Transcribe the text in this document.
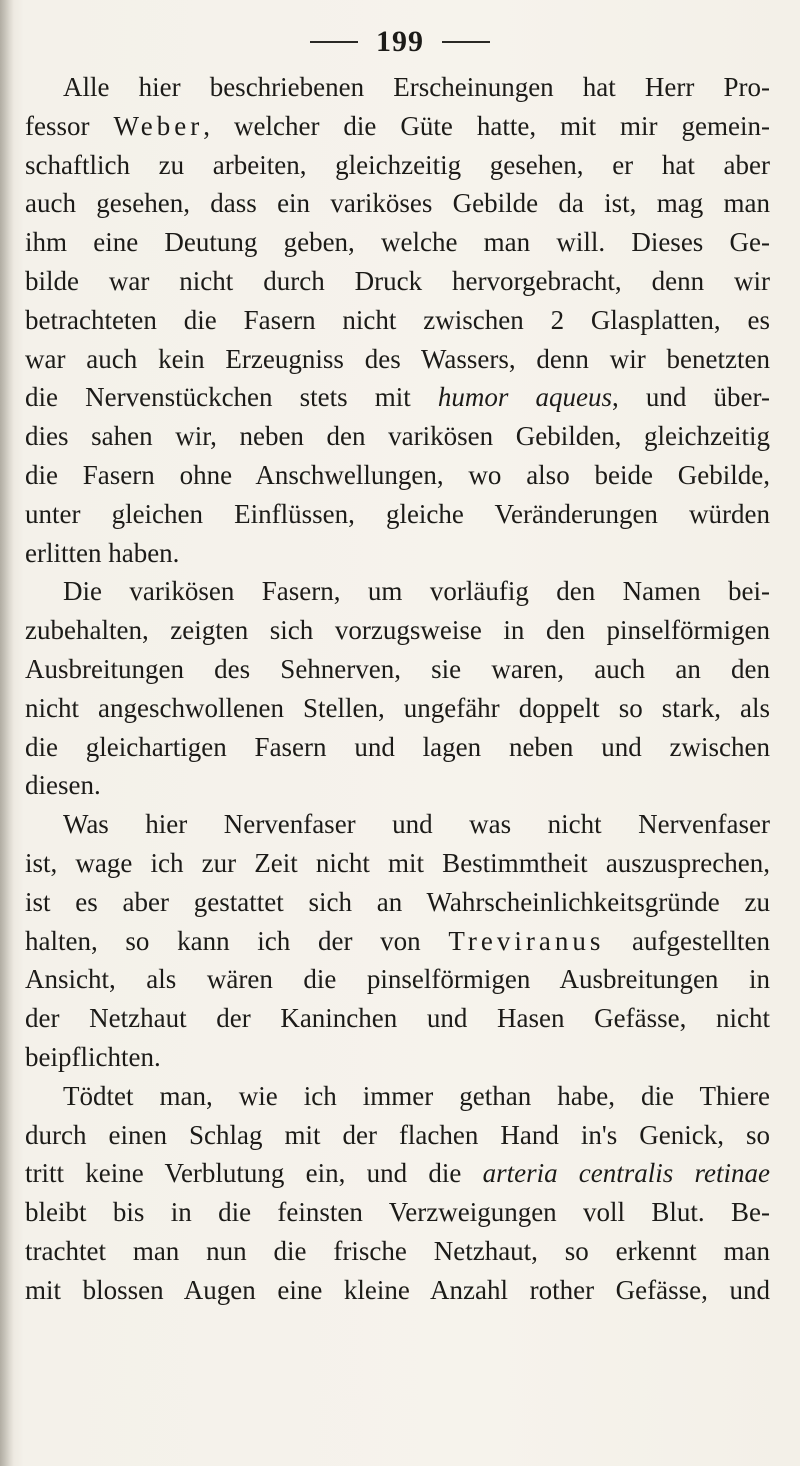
199
Alle hier beschriebenen Erscheinungen hat Herr Pro-
fessor Weber, welcher die Güte hatte, mit mir gemein-
schaftlich zu arbeiten, gleichzeitig gesehen, er hat aber
auch gesehen, dass ein variköses Gebilde da ist, mag man
ihm eine Deutung geben, welche man will. Dieses Ge-
bilde war nicht durch Druck hervorgebracht, denn wir
betrachteten die Fasern nicht zwischen 2 Glasplatten, es
war auch kein Erzeugniss des Wassers, denn wir benetzten
die Nervenstückchen stets mit humor aqueus, und über-
dies sahen wir, neben den varikösen Gebilden, gleichzeitig
die Fasern ohne Anschwellungen, wo also beide Gebilde,
unter gleichen Einflüssen, gleiche Veränderungen würden
erlitten haben.
Die varikösen Fasern, um vorläufig den Namen bei-
zubehalten, zeigten sich vorzugsweise in den pinselförmigen
Ausbreitungen des Sehnerven, sie waren, auch an den
nicht angeschwollenen Stellen, ungefähr doppelt so stark, als
die gleichartigen Fasern und lagen neben und zwischen
diesen.
Was hier Nervenfaser und was nicht Nervenfaser
ist, wage ich zur Zeit nicht mit Bestimmtheit auszusprechen,
ist es aber gestattet sich an Wahrscheinlichkeitsgründe zu
halten, so kann ich der von Treviranus aufgestellten
Ansicht, als wären die pinselförmigen Ausbreitungen in
der Netzhaut der Kaninchen und Hasen Gefässe, nicht
beipflichten.
Tödtet man, wie ich immer gethan habe, die Thiere
durch einen Schlag mit der flachen Hand in's Genick, so
tritt keine Verblutung ein, und die arteria centralis retinae
bleibt bis in die feinsten Verzweigungen voll Blut. Be-
trachtet man nun die frische Netzhaut, so erkennt man
mit blossen Augen eine kleine Anzahl rother Gefässe, und
